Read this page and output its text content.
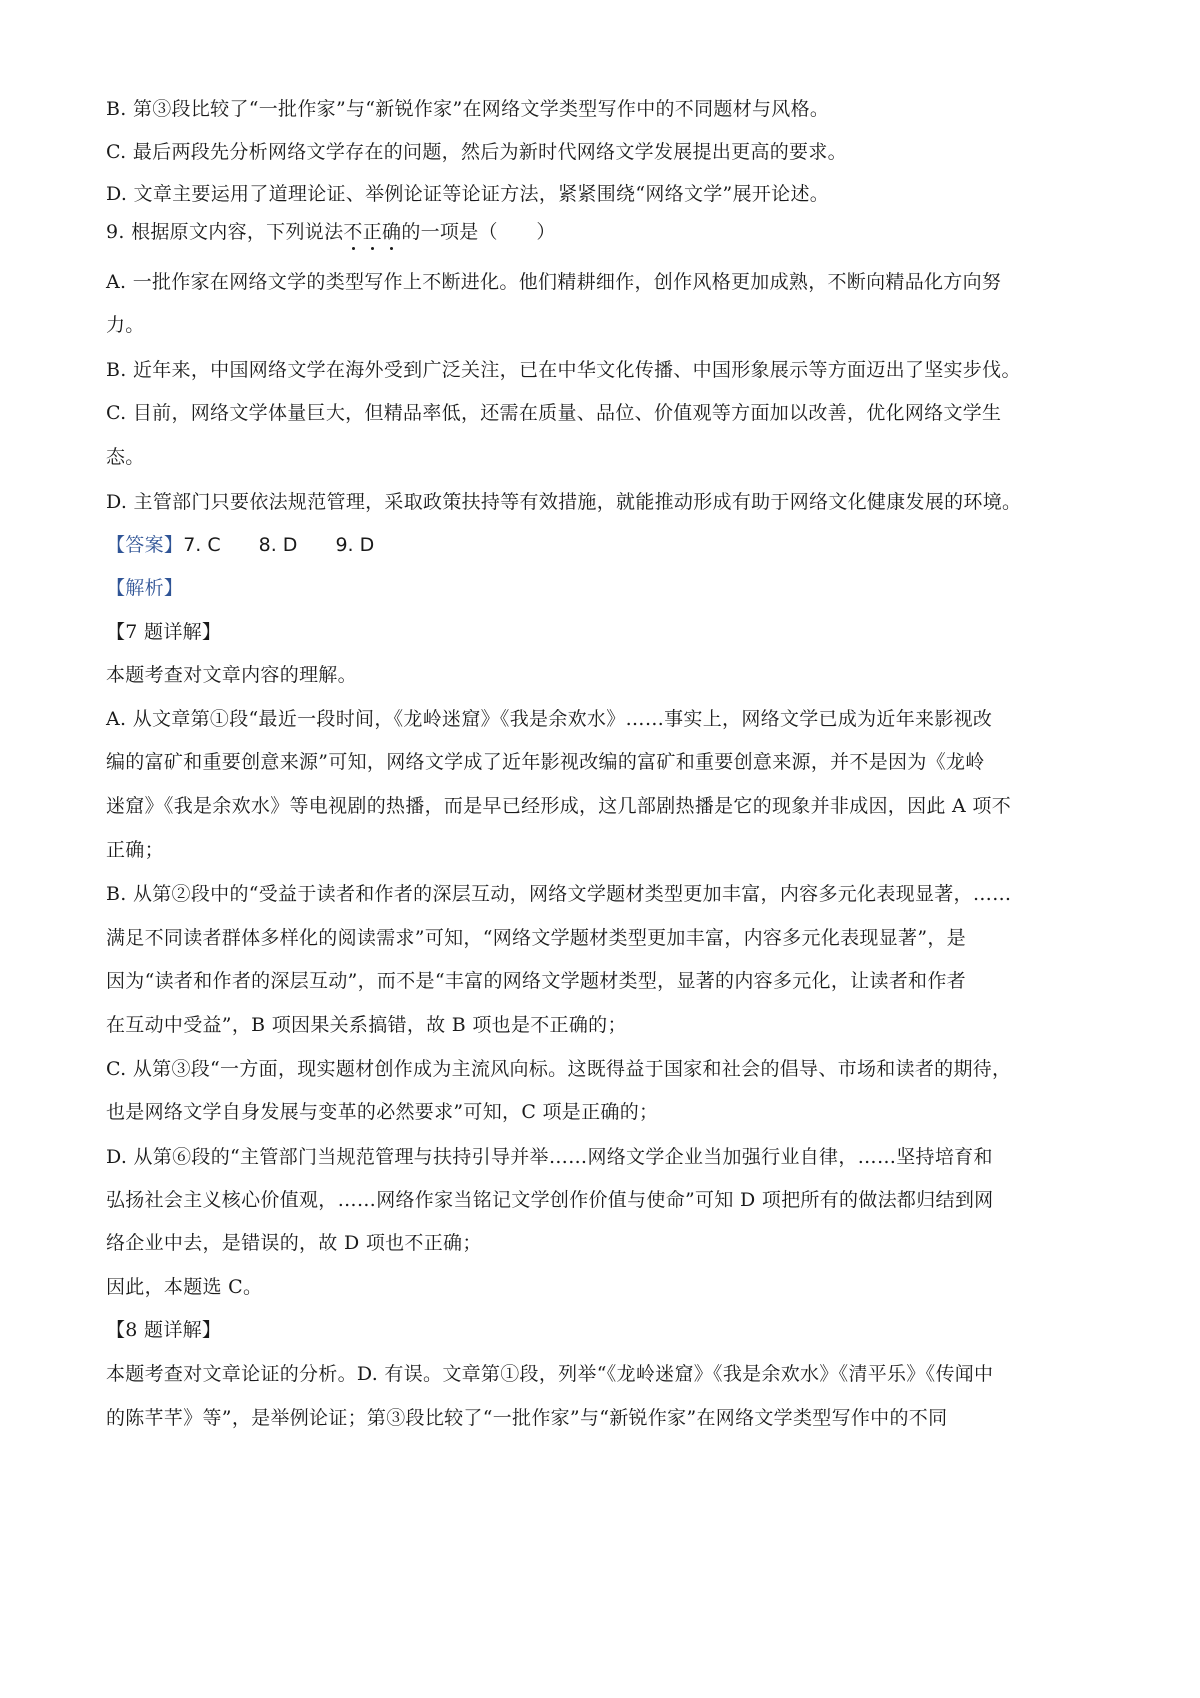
B. 第③段比较了“一批作家”与“新锐作家”在网络文学类型写作中的不同题材与风格。
C. 最后两段先分析网络文学存在的问题，然后为新时代网络文学发展提出更高的要求。
D. 文章主要运用了道理论证、举例论证等论证方法，紧紧围绕“网络文学”展开论述。
9. 根据原文内容，下列说法不正确的一项是（　　）
A. 一批作家在网络文学的类型写作上不断进化。他们精耕细作，创作风格更加成熟，不断向精品化方向努
力。
B. 近年来，中国网络文学在海外受到广泛关注，已在中华文化传播、中国形象展示等方面迈出了坚实步伐。
C. 目前，网络文学体量巨大，但精品率低，还需在质量、品位、价值观等方面加以改善，优化网络文学生
态。
D. 主管部门只要依法规范管理，采取政策扶持等有效措施，就能推动形成有助于网络文化健康发展的环境。
【答案】7. C 8. D 9. D
【解析】
【7 题详解】
本题考查对文章内容的理解。
A. 从文章第①段“最近一段时间，《龙岭迷窟》《我是余欢水》……事实上，网络文学已成为近年来影视改
编的富矿和重要创意来源”可知，网络文学成了近年影视改编的富矿和重要创意来源，并不是因为《龙岭
迷窟》《我是余欢水》等电视剧的热播，而是早已经形成，这几部剧热播是它的现象并非成因，因此 A 项不
正确；
B. 从第②段中的“受益于读者和作者的深层互动，网络文学题材类型更加丰富，内容多元化表现显著，……
满足不同读者群体多样化的阅读需求”可知，“网络文学题材类型更加丰富，内容多元化表现显著”，是
因为“读者和作者的深层互动”，而不是“丰富的网络文学题材类型，显著的内容多元化，让读者和作者
在互动中受益”，B 项因果关系搞错，故 B 项也是不正确的；
C. 从第③段“一方面，现实题材创作成为主流风向标。这既得益于国家和社会的倡导、市场和读者的期待，
也是网络文学自身发展与变革的必然要求”可知，C 项是正确的；
D. 从第⑥段的“主管部门当规范管理与扶持引导并举……网络文学企业当加强行业自律，……坚持培育和
弘扬社会主义核心价值观，……网络作家当铭记文学创作价值与使命”可知 D 项把所有的做法都归结到网
络企业中去，是错误的，故 D 项也不正确；
因此，本题选 C。
【8 题详解】
本题考查对文章论证的分析。D. 有误。文章第①段，列举“《龙岭迷窟》《我是余欢水》《清平乐》《传闻中
的陈芊芊》等”，是举例论证；第③段比较了“一批作家”与“新锐作家”在网络文学类型写作中的不同
